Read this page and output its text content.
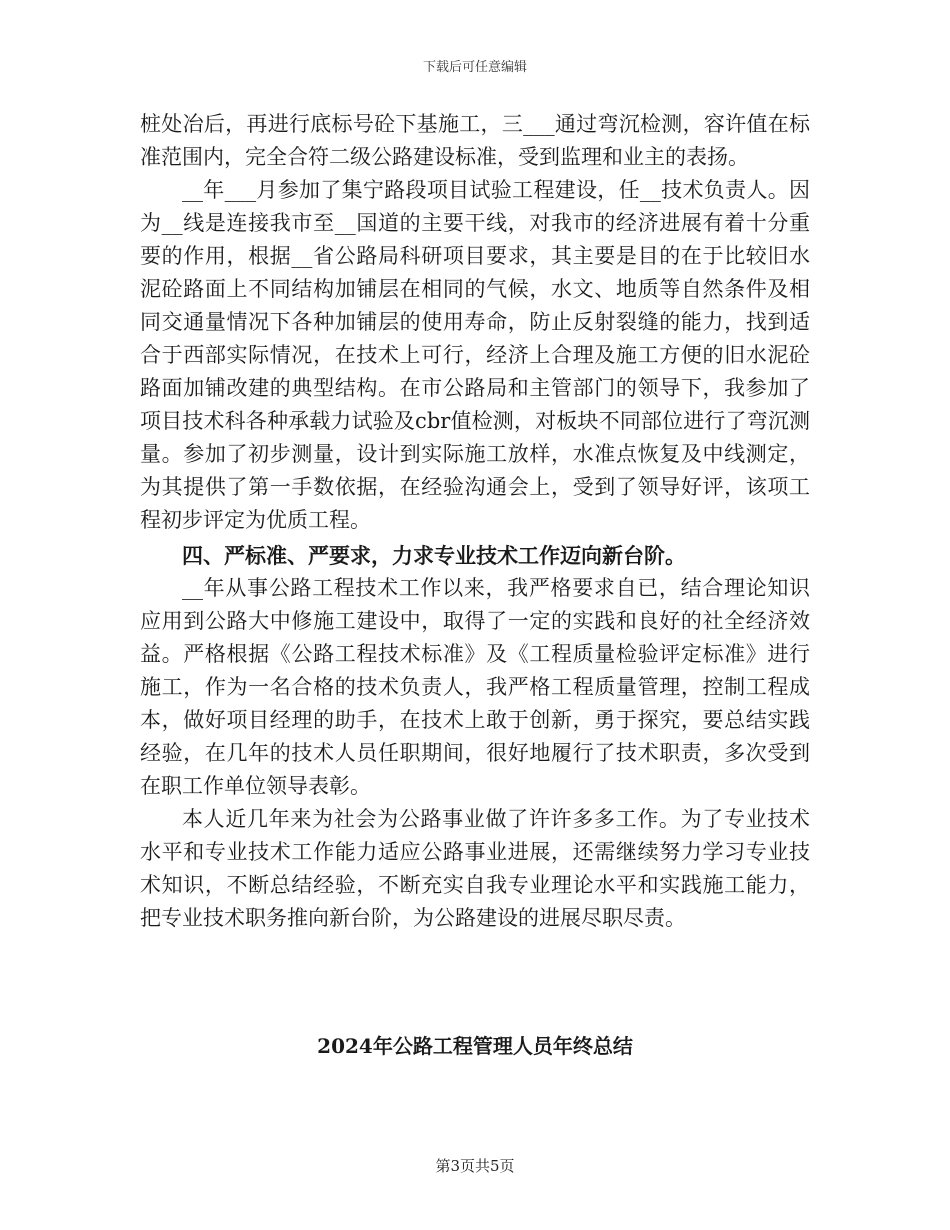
下载后可任意编辑

桩处冶后，再进行底标号砼下基施工，三___通过弯沉检测，容许值在标准范围内，完全合符二级公路建设标准，受到监理和业主的表扬。

__年___月参加了集宁路段项目试验工程建设，任__技术负责人。因为__线是连接我市至__国道的主要干线，对我市的经济进展有着十分重要的作用，根据__省公路局科研项目要求，其主要是目的在于比较旧水泥砼路面上不同结构加铺层在相同的气候，水文、地质等自然条件及相同交通量情况下各种加铺层的使用寿命，防止反射裂缝的能力，找到适合于西部实际情况，在技术上可行，经济上合理及施工方便的旧水泥砼路面加铺改建的典型结构。在市公路局和主管部门的领导下，我参加了项目技术科各种承载力试验及cbr值检测，对板块不同部位进行了弯沉测量。参加了初步测量，设计到实际施工放样，水准点恢复及中线测定，为其提供了第一手数依据，在经验沟通会上，受到了领导好评，该项工程初步评定为优质工程。

四、严标准、严要求，力求专业技术工作迈向新台阶。

__年从事公路工程技术工作以来，我严格要求自已，结合理论知识应用到公路大中修施工建设中，取得了一定的实践和良好的社全经济效益。严格根据《公路工程技术标准》及《工程质量检验评定标准》进行施工，作为一名合格的技术负责人，我严格工程质量管理，控制工程成本，做好项目经理的助手，在技术上敢于创新，勇于探究，要总结实践经验，在几年的技术人员任职期间，很好地履行了技术职责，多次受到在职工作单位领导表彰。

本人近几年来为社会为公路事业做了许许多多工作。为了专业技术水平和专业技术工作能力适应公路事业进展，还需继续努力学习专业技术知识，不断总结经验，不断充实自我专业理论水平和实践施工能力，把专业技术职务推向新台阶，为公路建设的进展尽职尽责。

2024年公路工程管理人员年终总结
第3页共5页
